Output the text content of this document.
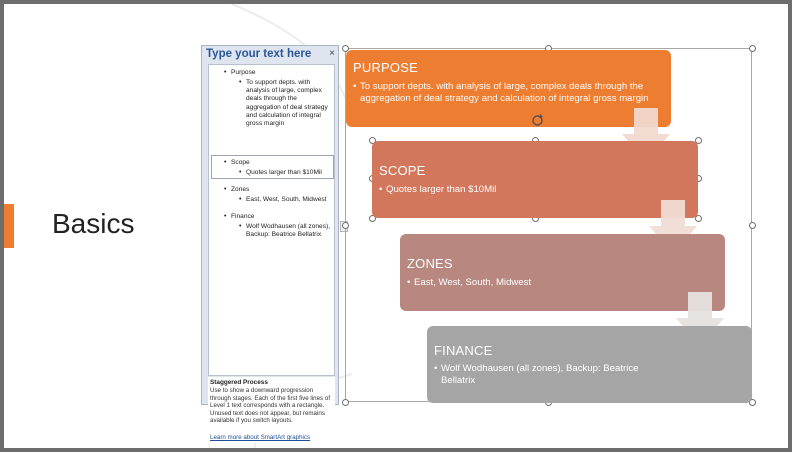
Basics
Type your text here ×
• Purpose
• To support depts. with analysis of large, complex deals through the aggregation of deal strategy and calculation of integral gross margin
• Scope
• Quotes larger than $10Mil
• Zones
• East, West, South, Midwest
• Finance
• Wolf Wodhausen (all zones), Backup: Beatrice Bellatrix
Staggered Process
Use to show a downward progression through stages. Each of the first five lines of Level 1 text corresponds with a rectangle. Unused text does not appear, but remains available if you switch layouts.
Learn more about SmartArt graphics
PURPOSE
• To support depts. with analysis of large, complex deals through the aggregation of deal strategy and calculation of integral gross margin
SCOPE
• Quotes larger than $10Mil
ZONES
• East, West, South, Midwest
FINANCE
• Wolf Wodhausen (all zones), Backup: Beatrice Bellatrix
